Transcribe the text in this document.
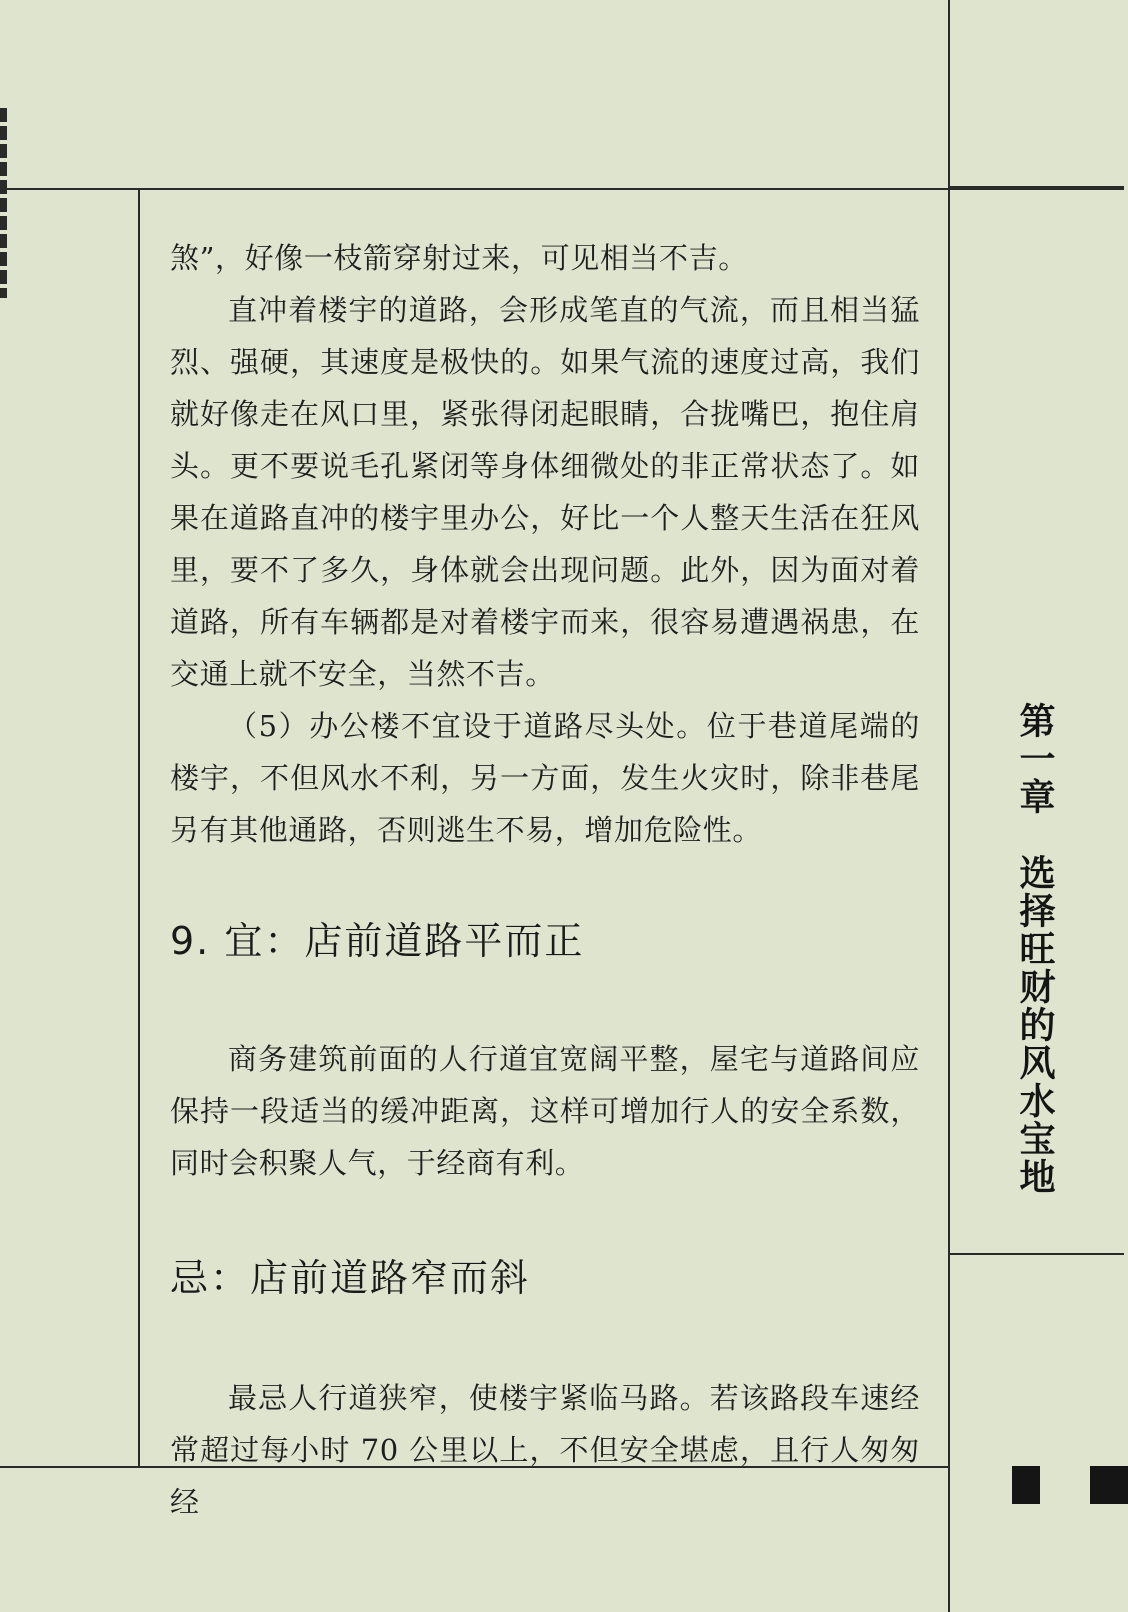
煞”，好像一枝箭穿射过来，可见相当不吉。

直冲着楼宇的道路，会形成笔直的气流，而且相当猛烈、强硬，其速度是极快的。如果气流的速度过高，我们就好像走在风口里，紧张得闭起眼睛，合拢嘴巴，抱住肩头。更不要说毛孔紧闭等身体细微处的非正常状态了。如果在道路直冲的楼宇里办公，好比一个人整天生活在狂风里，要不了多久，身体就会出现问题。此外，因为面对着道路，所有车辆都是对着楼宇而来，很容易遭遇祸患，在交通上就不安全，当然不吉。

（5）办公楼不宜设于道路尽头处。位于巷道尾端的楼宇，不但风水不利，另一方面，发生火灾时，除非巷尾另有其他通路，否则逃生不易，增加危险性。

9. 宜：店前道路平而正

商务建筑前面的人行道宜宽阔平整，屋宅与道路间应保持一段适当的缓冲距离，这样可增加行人的安全系数，同时会积聚人气，于经商有利。

忌：店前道路窄而斜

最忌人行道狭窄，使楼宇紧临马路。若该路段车速经常超过每小时 70 公里以上，不但安全堪虑，且行人匆匆经

第一章　选择旺财的风水宝地
